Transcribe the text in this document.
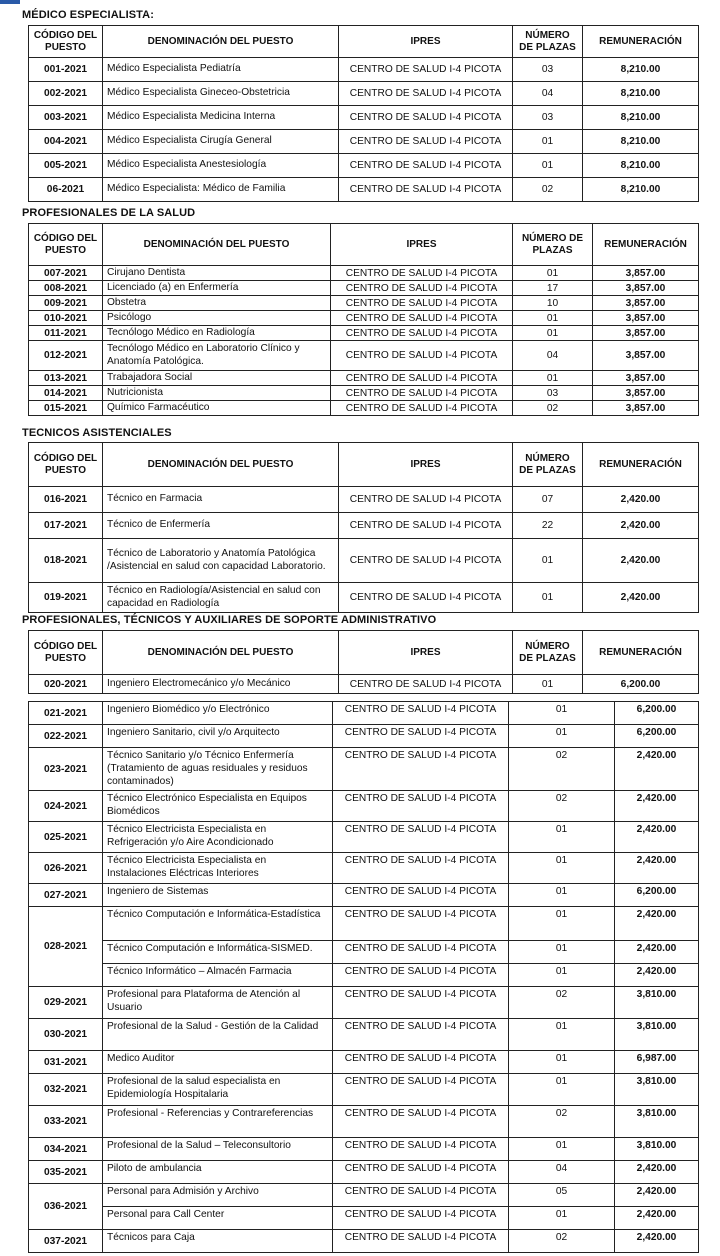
MÉDICO ESPECIALISTA:
CÓDIGO DEL PUESTO	DENOMINACIÓN DEL PUESTO	IPRES	NÚMERO DE PLAZAS	REMUNERACIÓN
001-2021	Médico Especialista Pediatría	CENTRO DE SALUD I-4 PICOTA	03	8,210.00
002-2021	Médico Especialista Gineceo-Obstetricia	CENTRO DE SALUD I-4 PICOTA	04	8,210.00
003-2021	Médico Especialista Medicina Interna	CENTRO DE SALUD I-4 PICOTA	03	8,210.00
004-2021	Médico Especialista Cirugía General	CENTRO DE SALUD I-4 PICOTA	01	8,210.00
005-2021	Médico Especialista Anestesiología	CENTRO DE SALUD I-4 PICOTA	01	8,210.00
06-2021	Médico Especialista: Médico de Familia	CENTRO DE SALUD I-4 PICOTA	02	8,210.00
PROFESIONALES DE LA SALUD
CÓDIGO DEL PUESTO	DENOMINACIÓN DEL PUESTO	IPRES	NÚMERO DE PLAZAS	REMUNERACIÓN
007-2021	Cirujano Dentista	CENTRO DE SALUD I-4 PICOTA	01	3,857.00
008-2021	Licenciado (a) en Enfermería	CENTRO DE SALUD I-4 PICOTA	17	3,857.00
009-2021	Obstetra	CENTRO DE SALUD I-4 PICOTA	10	3,857.00
010-2021	Psicólogo	CENTRO DE SALUD I-4 PICOTA	01	3,857.00
011-2021	Tecnólogo Médico en Radiología	CENTRO DE SALUD I-4 PICOTA	01	3,857.00
012-2021	Tecnólogo Médico en Laboratorio Clínico y Anatomía Patológica.	CENTRO DE SALUD I-4 PICOTA	04	3,857.00
013-2021	Trabajadora Social	CENTRO DE SALUD I-4 PICOTA	01	3,857.00
014-2021	Nutricionista	CENTRO DE SALUD I-4 PICOTA	03	3,857.00
015-2021	Químico Farmacéutico	CENTRO DE SALUD I-4 PICOTA	02	3,857.00
TECNICOS ASISTENCIALES
CÓDIGO DEL PUESTO	DENOMINACIÓN DEL PUESTO	IPRES	NÚMERO DE PLAZAS	REMUNERACIÓN
016-2021	Técnico en Farmacia	CENTRO DE SALUD I-4 PICOTA	07	2,420.00
017-2021	Técnico de Enfermería	CENTRO DE SALUD I-4 PICOTA	22	2,420.00
018-2021	Técnico de Laboratorio y Anatomía Patológica /Asistencial en salud con capacidad Laboratorio.	CENTRO DE SALUD I-4 PICOTA	01	2,420.00
019-2021	Técnico en Radiología/Asistencial en salud con capacidad en Radiología	CENTRO DE SALUD I-4 PICOTA	01	2,420.00
PROFESIONALES, TÉCNICOS Y AUXILIARES DE SOPORTE ADMINISTRATIVO
CÓDIGO DEL PUESTO	DENOMINACIÓN DEL PUESTO	IPRES	NÚMERO DE PLAZAS	REMUNERACIÓN
020-2021	Ingeniero Electromecánico y/o Mecánico	CENTRO DE SALUD I-4 PICOTA	01	6,200.00
021-2021	Ingeniero Biomédico y/o Electrónico	CENTRO DE SALUD I-4 PICOTA	01	6,200.00
022-2021	Ingeniero Sanitario, civil y/o Arquitecto	CENTRO DE SALUD I-4 PICOTA	01	6,200.00
023-2021	Técnico Sanitario y/o Técnico Enfermería (Tratamiento de aguas residuales y residuos contaminados)	CENTRO DE SALUD I-4 PICOTA	02	2,420.00
024-2021	Técnico Electrónico Especialista en Equipos Biomédicos	CENTRO DE SALUD I-4 PICOTA	02	2,420.00
025-2021	Técnico Electricista Especialista en Refrigeración y/o Aire Acondicionado	CENTRO DE SALUD I-4 PICOTA	01	2,420.00
026-2021	Técnico Electricista Especialista en Instalaciones Eléctricas Interiores	CENTRO DE SALUD I-4 PICOTA	01	2,420.00
027-2021	Ingeniero de Sistemas	CENTRO DE SALUD I-4 PICOTA	01	6,200.00
028-2021	Técnico Computación e Informática-Estadística	CENTRO DE SALUD I-4 PICOTA	01	2,420.00
	Técnico Computación e Informática-SISMED.	CENTRO DE SALUD I-4 PICOTA	01	2,420.00
	Técnico Informático – Almacén Farmacia	CENTRO DE SALUD I-4 PICOTA	01	2,420.00
029-2021	Profesional para Plataforma de Atención al Usuario	CENTRO DE SALUD I-4 PICOTA	02	3,810.00
030-2021	Profesional de la Salud - Gestión de la Calidad	CENTRO DE SALUD I-4 PICOTA	01	3,810.00
031-2021	Medico Auditor	CENTRO DE SALUD I-4 PICOTA	01	6,987.00
032-2021	Profesional de la salud especialista en Epidemiología Hospitalaria	CENTRO DE SALUD I-4 PICOTA	01	3,810.00
033-2021	Profesional - Referencias y Contrareferencias	CENTRO DE SALUD I-4 PICOTA	02	3,810.00
034-2021	Profesional de la Salud – Teleconsultorio	CENTRO DE SALUD I-4 PICOTA	01	3,810.00
035-2021	Piloto de ambulancia	CENTRO DE SALUD I-4 PICOTA	04	2,420.00
036-2021	Personal para Admisión y Archivo	CENTRO DE SALUD I-4 PICOTA	05	2,420.00
	Personal para Call Center	CENTRO DE SALUD I-4 PICOTA	01	2,420.00
037-2021	Técnicos para Caja	CENTRO DE SALUD I-4 PICOTA	02	2,420.00
